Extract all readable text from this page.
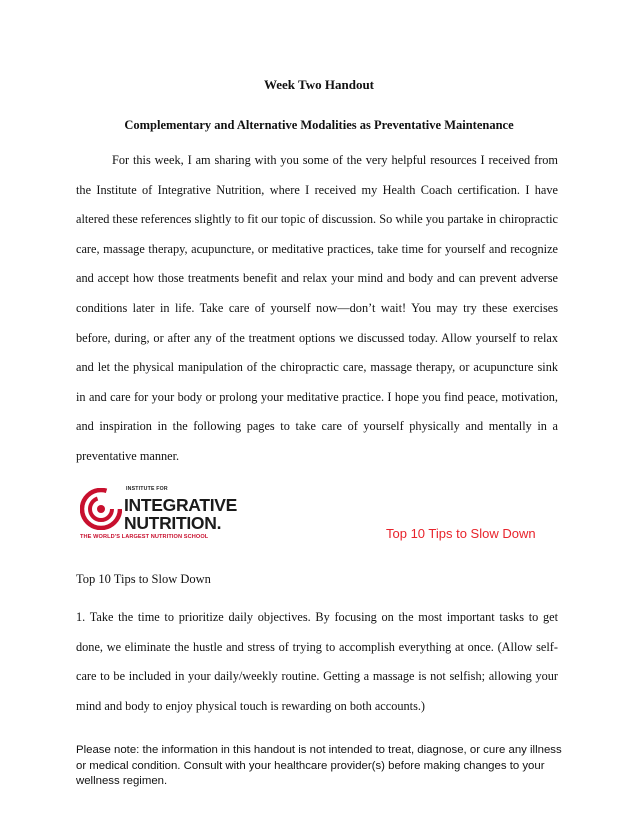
Week Two Handout
Complementary and Alternative Modalities as Preventative Maintenance

For this week, I am sharing with you some of the very helpful resources I received from the Institute of Integrative Nutrition, where I received my Health Coach certification. I have altered these references slightly to fit our topic of discussion. So while you partake in chiropractic care, massage therapy, acupuncture, or meditative practices, take time for yourself and recognize and accept how those treatments benefit and relax your mind and body and can prevent adverse conditions later in life. Take care of yourself now—don’t wait! You may try these exercises before, during, or after any of the treatment options we discussed today. Allow yourself to relax and let the physical manipulation of the chiropractic care, massage therapy, or acupuncture sink in and care for your body or prolong your meditative practice. I hope you find peace, motivation, and inspiration in the following pages to take care of yourself physically and mentally in a preventative manner.

INSTITUTE FOR
INTEGRATIVE
NUTRITION.
THE WORLD'S LARGEST NUTRITION SCHOOL	Top 10 Tips to Slow Down
Top 10 Tips to Slow Down

1. Take the time to prioritize daily objectives. By focusing on the most important tasks to get done, we eliminate the hustle and stress of trying to accomplish everything at once. (Allow self-care to be included in your daily/weekly routine. Getting a massage is not selfish; allowing your mind and body to enjoy physical touch is rewarding on both accounts.)

Please note: the information in this handout is not intended to treat, diagnose, or cure any illness or medical condition. Consult with your healthcare provider(s) before making changes to your wellness regimen.
